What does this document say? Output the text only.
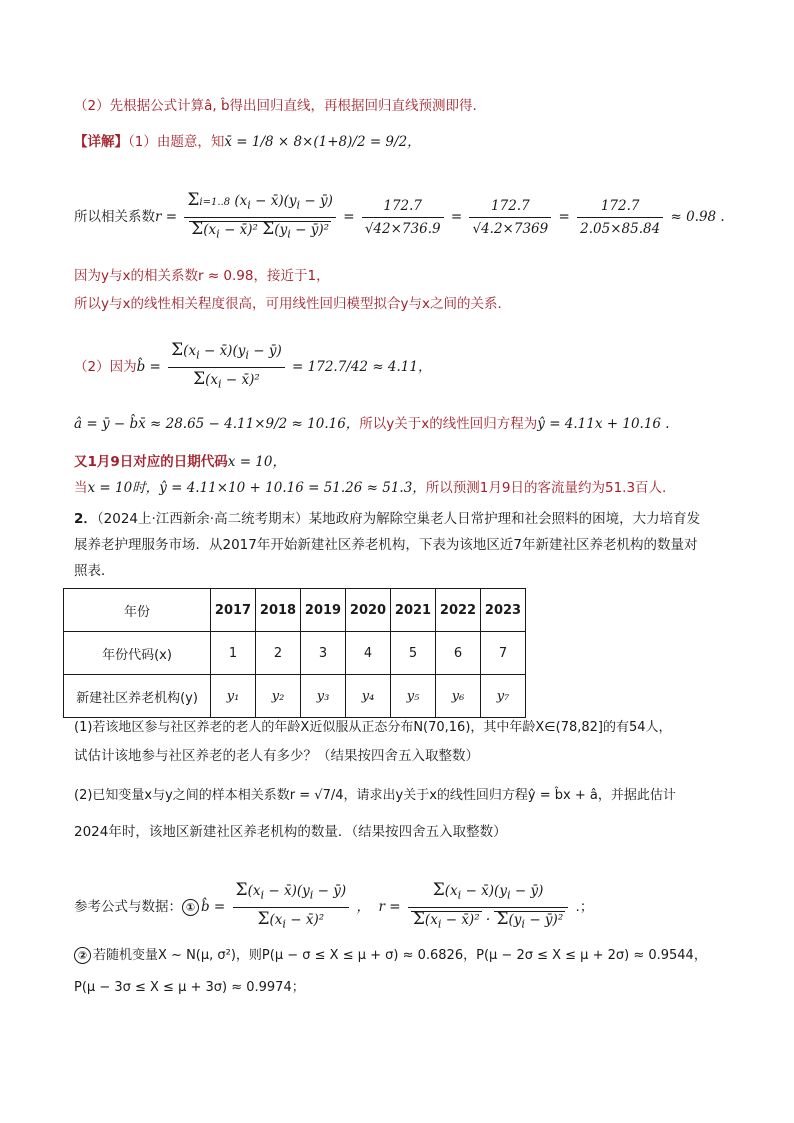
（2）先根据公式计算â, b̂得出回归直线，再根据回归直线预测即得.
【详解】（1）由题意，知x̄ = 1/8 × 8×(1+8)/2 = 9/2，
所以相关系数$r = \frac{\Sigma i=1..8 (x_i - x̄)(y_i - ȳ)}{\Sigma(x_i - x̄)^2 \Sigma(y_i - ȳ)^2} = \frac{172.7}{√42\times 736.9} = \frac{172.7}{√4.2\times 7369} = \frac{172.7}{2.05\times 85.84} \approx 0.98$ .
因为y与x的相关系数r ≈ 0.98，接近于1，
所以y与x的线性相关程度很高，可用线性回归模型拟合y与x之间的关系．
（2）因为b̂ = $\frac{\Sigma(x_i - x̄)(y_i - ȳ)}{\Sigma(x_i - x̄)^2} = 172.7/42 \approx 4.11$，
â = ȳ − b̂x̄ ≈ 28.65 − 4.11×9/2 ≈ 10.16，所以y关于x的线性回归方程为ŷ = 4.11x + 10.16 .
又1月9日对应的日期代码x = 10，
当x = 10时，ŷ = 4.11×10 + 10.16 = 51.26 ≈ 51.3，所以预测1月9日的客流量约为51.3百人.
2．（2024上·江西新余·高二统考期末）某地政府为解除空巢老人日常护理和社会照料的困境，大力培育发
展养老护理服务市场．从2017年开始新建社区养老机构，下表为该地区近7年新建社区养老机构的数量对
照表．
年份	2017	2018	2019	2020	2021	2022	2023
年份代码(x)	1	2	3	4	5	6	7
新建社区养老机构(y)	y₁	y₂	y₃	y₄	y₅	y₆	y₇
(1)若该地区参与社区养老的老人的年龄X近似服从正态分布N(70,16)，其中年龄X∈(78,82]的有54人，
试估计该地参与社区养老的老人有多少？（结果按四舍五入取整数）
(2)已知变量x与y之间的样本相关系数r = √7/4，请求出y关于x的线性回归方程ŷ = b̂x + â，并据此估计
2024年时，该地区新建社区养老机构的数量．（结果按四舍五入取整数）
参考公式与数据： ① b̂ = $\frac{\Sigma(x_i - x̄)(y_i - ȳ)}{\Sigma(x_i - x̄)^2}$ ，  $r = \frac{\Sigma(x_i - x̄)(y_i - ȳ)}{\Sigma(x_i - x̄)^2 \cdot \Sigma(y_i - ȳ)^2}$ .；
② 若随机变量X ~ N(μ, σ²)，则P(μ − σ ≤ X ≤ μ + σ) ≈ 0.6826，P(μ − 2σ ≤ X ≤ μ + 2σ) ≈ 0.9544，
P(μ − 3σ ≤ X ≤ μ + 3σ) ≈ 0.9974；
